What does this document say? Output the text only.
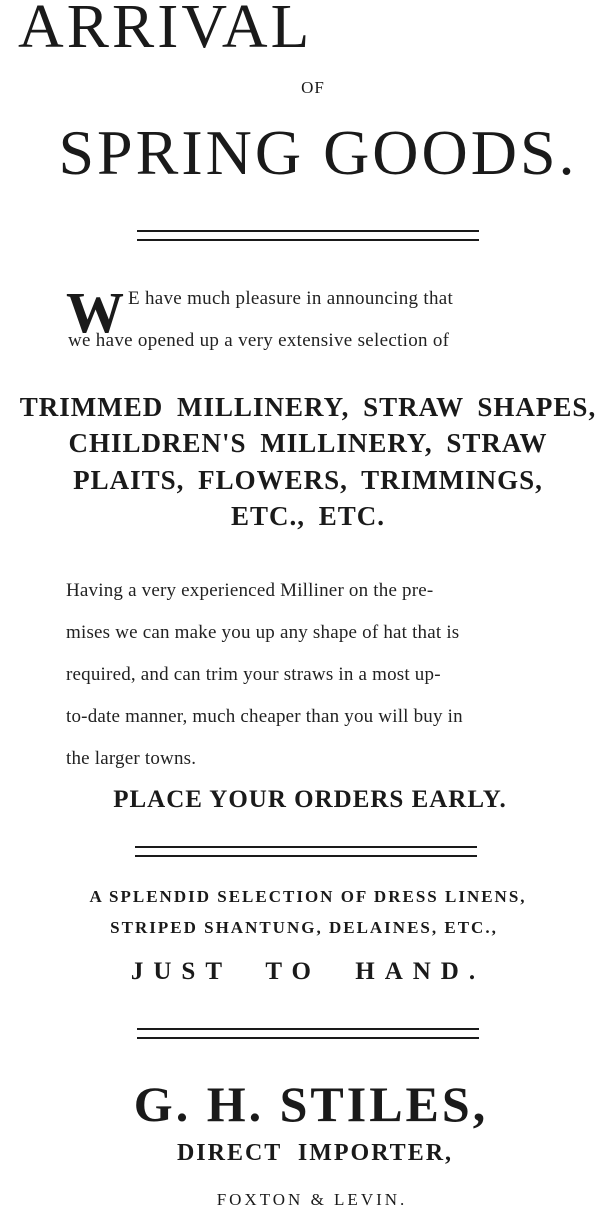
ARRIVAL
OF
SPRING GOODS.
W E have much pleasure in announcing that
we have opened up a very extensive selection of
TRIMMED MILLINERY, STRAW SHAPES,
CHILDREN'S MILLINERY, STRAW
PLAITS, FLOWERS, TRIMMINGS,
ETC., ETC.
Having a very experienced Milliner on the pre-
mises we can make you up any shape of hat that is
required, and can trim your straws in a most up-
to-date manner, much cheaper than you will buy in
the larger towns.
PLACE YOUR ORDERS EARLY.
A SPLENDID SELECTION OF DRESS LINENS,
STRIPED SHANTUNG, DELAINES, ETC.,
JUST TO HAND.
G. H. STILES,
DIRECT IMPORTER,
FOXTON & LEVIN.
